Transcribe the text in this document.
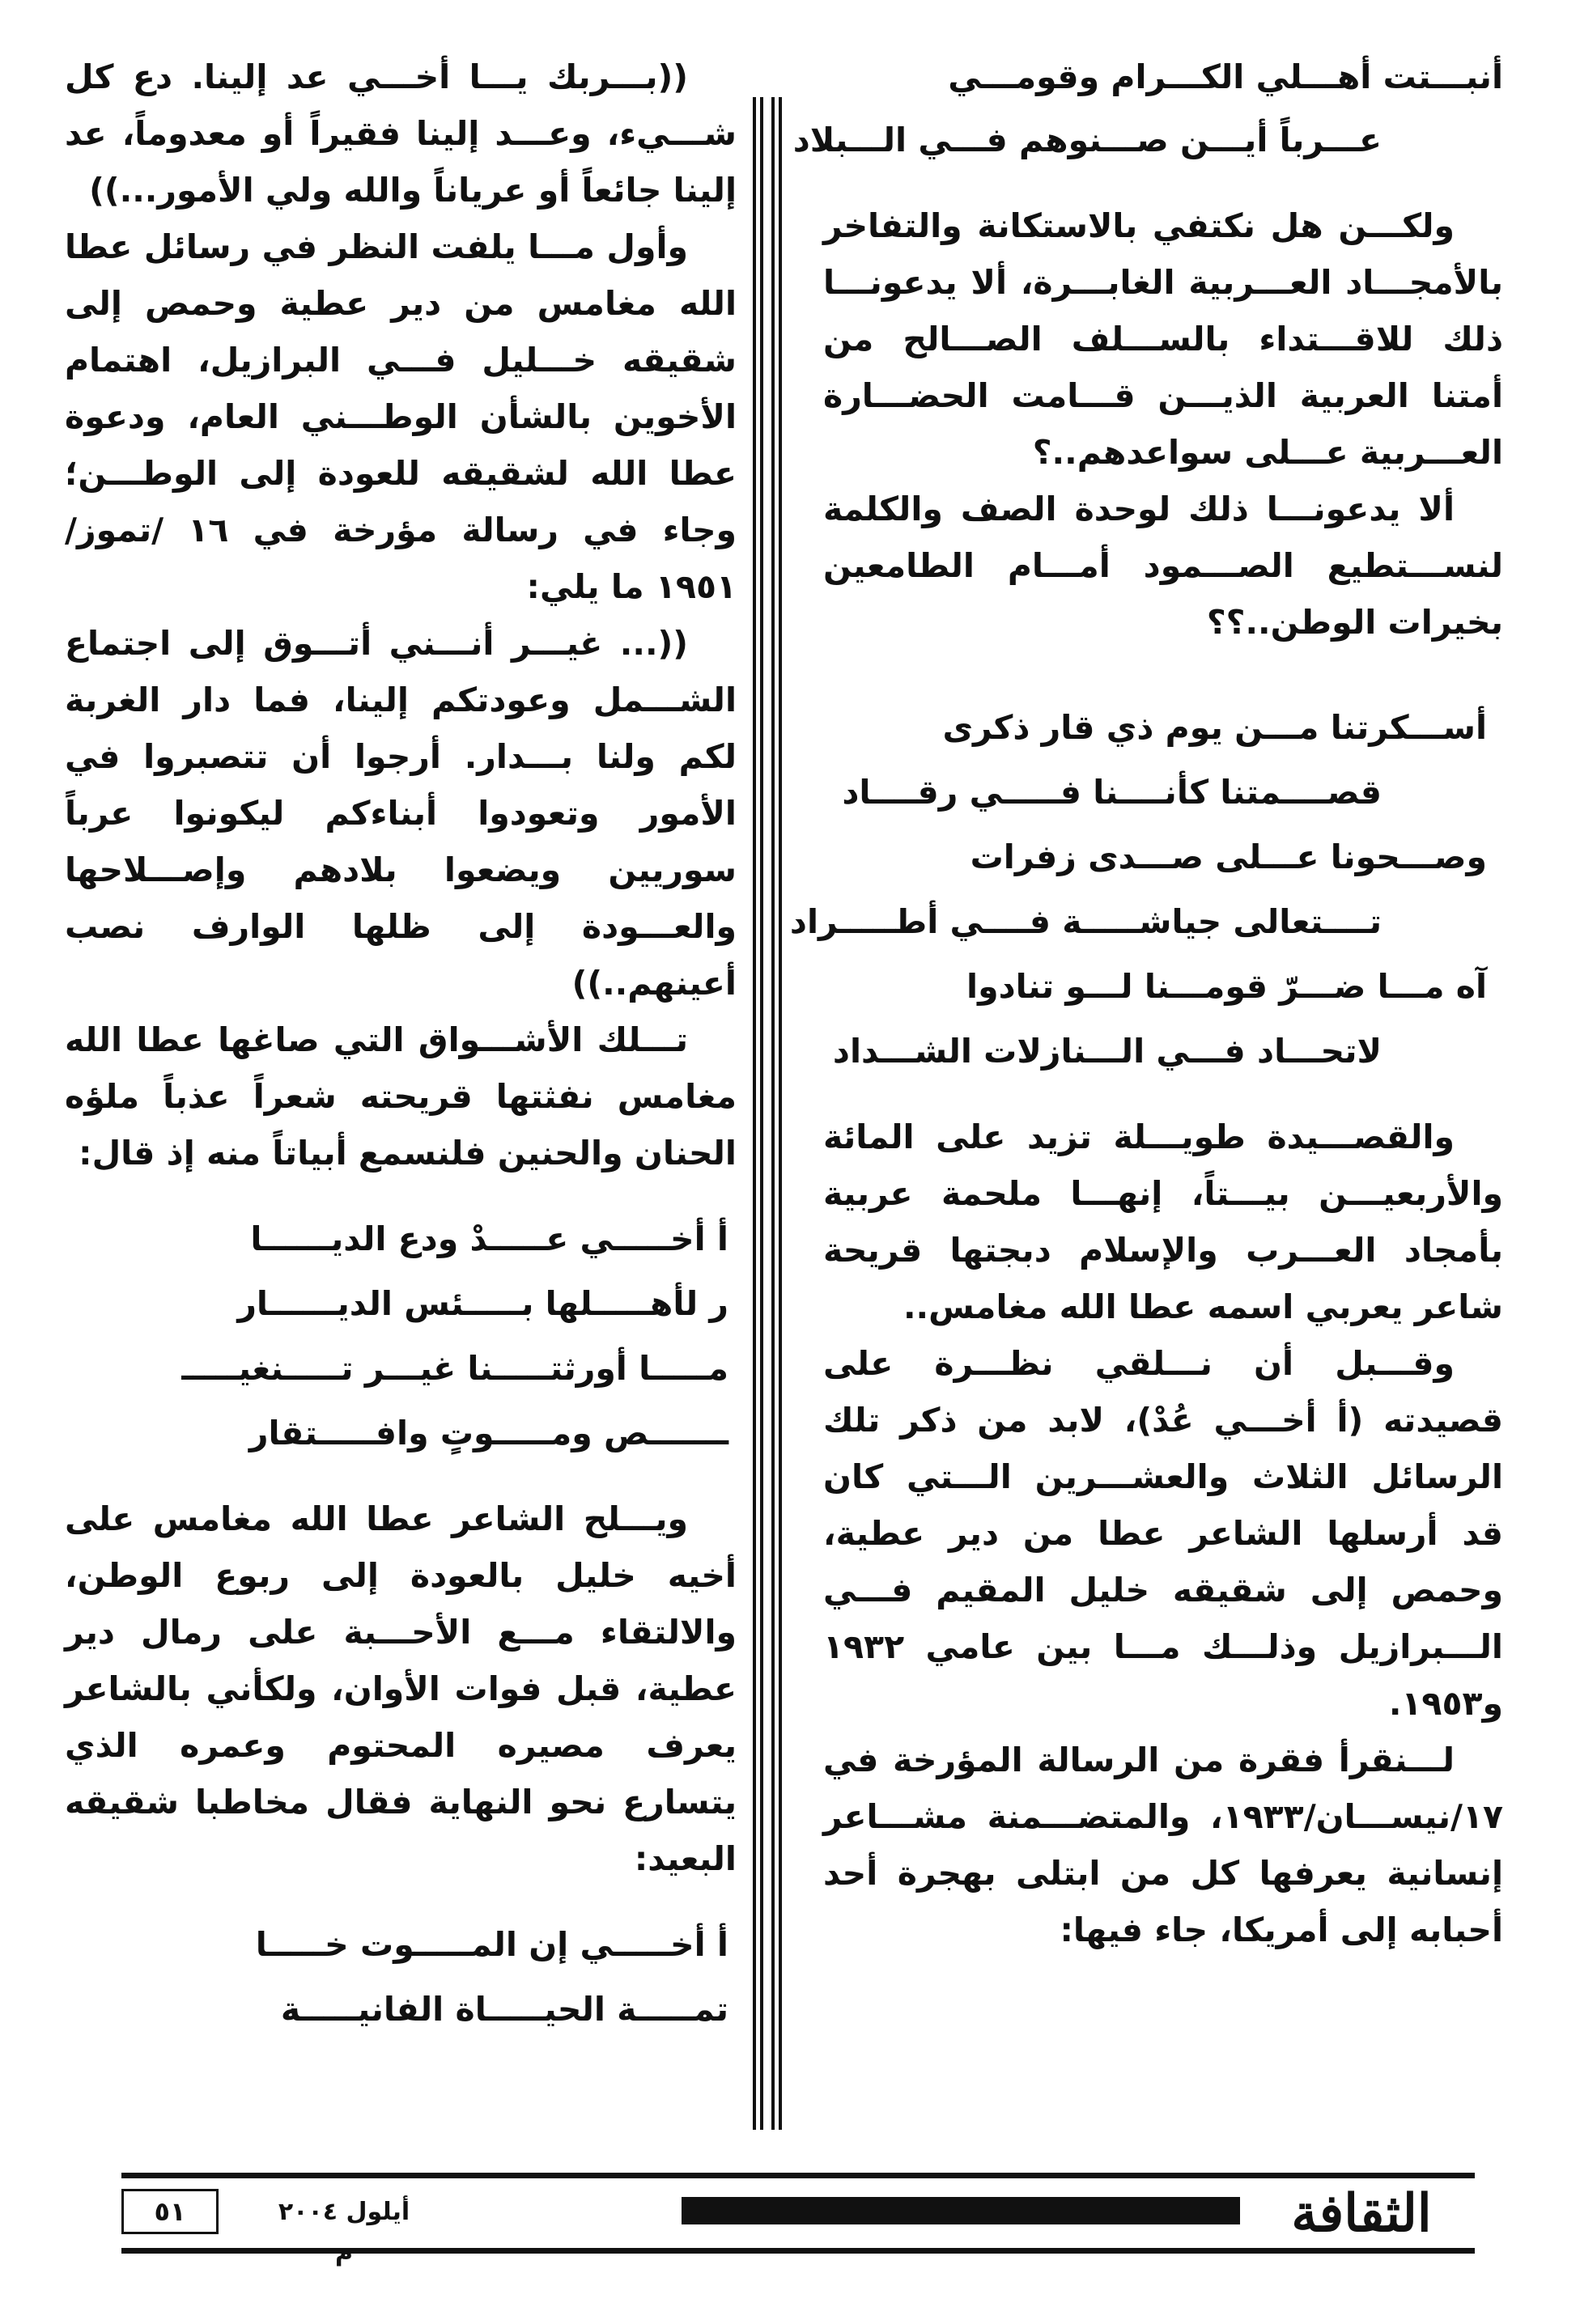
أنبـــتت أهـــلي الكـــرام وقومـــي

عـــرباً أيـــن صـــنوهم فـــي الـــبلاد

ولكـــن هل نكتفي بالاستكانة والتفاخر بالأمجـــاد العـــربية الغابـــرة، ألا يدعونـــا ذلك للاقـــتداء بالســـلف الصـــالح من أمتنا العربية الذيـــن قـــامت الحضـــارة العـــربية عـــلى سواعدهم..؟

ألا يدعونـــا ذلك لوحدة الصف والكلمة لنســـتطيع الصـــمود أمـــام الطامعين بخيرات الوطن..؟؟

أســـكرتنا مـــن يوم ذي قار ذكرى

قصــــمتنا كأنــــنا فـــــي رقــــاد

وصـــحونا عـــلى صـــدى زفرات

تــــتعالى جياشـــــة فــــي أطـــــراد

آه مـــا ضـــرّ قومـــنا لـــو تنادوا

لاتحـــاد فـــي الـــنازلات الشـــداد

والقصـــيدة طويـــلة تزيد على المائة والأربعيـــن بيـــتاً، إنهـــا ملحمة عربية بأمجاد العـــرب والإسلام دبجتها قريحة شاعر يعربي اسمه عطا الله مغامس..

وقـــبل أن نـــلقي نظـــرة على قصيدته (أ أخـــي عُدْ)، لابد من ذكر تلك الرسائل الثلاث والعشـــرين الـــتي كان قد أرسلها الشاعر عطا من دير عطية، وحمص إلى شقيقه خليل المقيم فـــي الـــبرازيل وذلـــك مـــا بين عامي ١٩٣٢ و١٩٥٣.

لـــنقرأ فقرة من الرسالة المؤرخة في ١٧/نيســـان/١٩٣٣، والمتضـــمنة مشـــاعر إنسانية يعرفها كل من ابتلى بهجرة أحد أحبابه إلى أمريكا، جاء فيها:

((بـــربك يـــا أخـــي عد إلينا. دع كل شـــيء، وعـــد إلينا فقيراً أو معدوماً، عد إلينا جائعاً أو عرياناً والله ولي الأمور...))

وأول مـــا يلفت النظر في رسائل عطا الله مغامس من دير عطية وحمص إلى شقيقه خـــليل فـــي البرازيل، اهتمام الأخوين بالشأن الوطـــني العام، ودعوة عطا الله لشقيقه للعودة إلى الوطـــن؛ وجاء في رسالة مؤرخة في ١٦ /تموز/١٩٥١ ما يلي:

((... غيـــر أنـــني أتـــوق إلى اجتماع الشـــمل وعودتكم إلينا، فما دار الغربة لكم ولنا بـــدار. أرجوا أن تتصبروا في الأمور وتعودوا أبناءكم ليكونوا عرباً سوريين ويضعوا بلادهم وإصـــلاحها والعـــودة إلى ظلها الوارف نصب أعينهم..))

تـــلك الأشـــواق التي صاغها عطا الله مغامس نفثتها قريحته شعراً عذباً ملؤه الحنان والحنين فلنسمع أبياتاً منه إذ قال:

أ أخـــــي عـــــدْ ودع الديــــــا

ر لأهـــــلها بـــــئس الديــــــار

مـــــا أورثتـــــنا غيـــر تـــــنغيـــــ

ـــــــص ومـــــوتٍ وافـــــتقار

ويـــلح الشاعر عطا الله مغامس على أخيه خليل بالعودة إلى ربوع الوطن، والالتقاء مـــع الأحـــبة على رمال دير عطية، قبل فوات الأوان، ولكأني بالشاعر يعرف مصيره المحتوم وعمره الذي يتسارع نحو النهاية فقال مخاطبا شقيقه البعيد:

أ أخـــــي إن المـــــوت خـــــا

تمـــــة الحيـــــاة الفانيـــــة

الثقافة
أيلول ٢٠٠٤
٥١
